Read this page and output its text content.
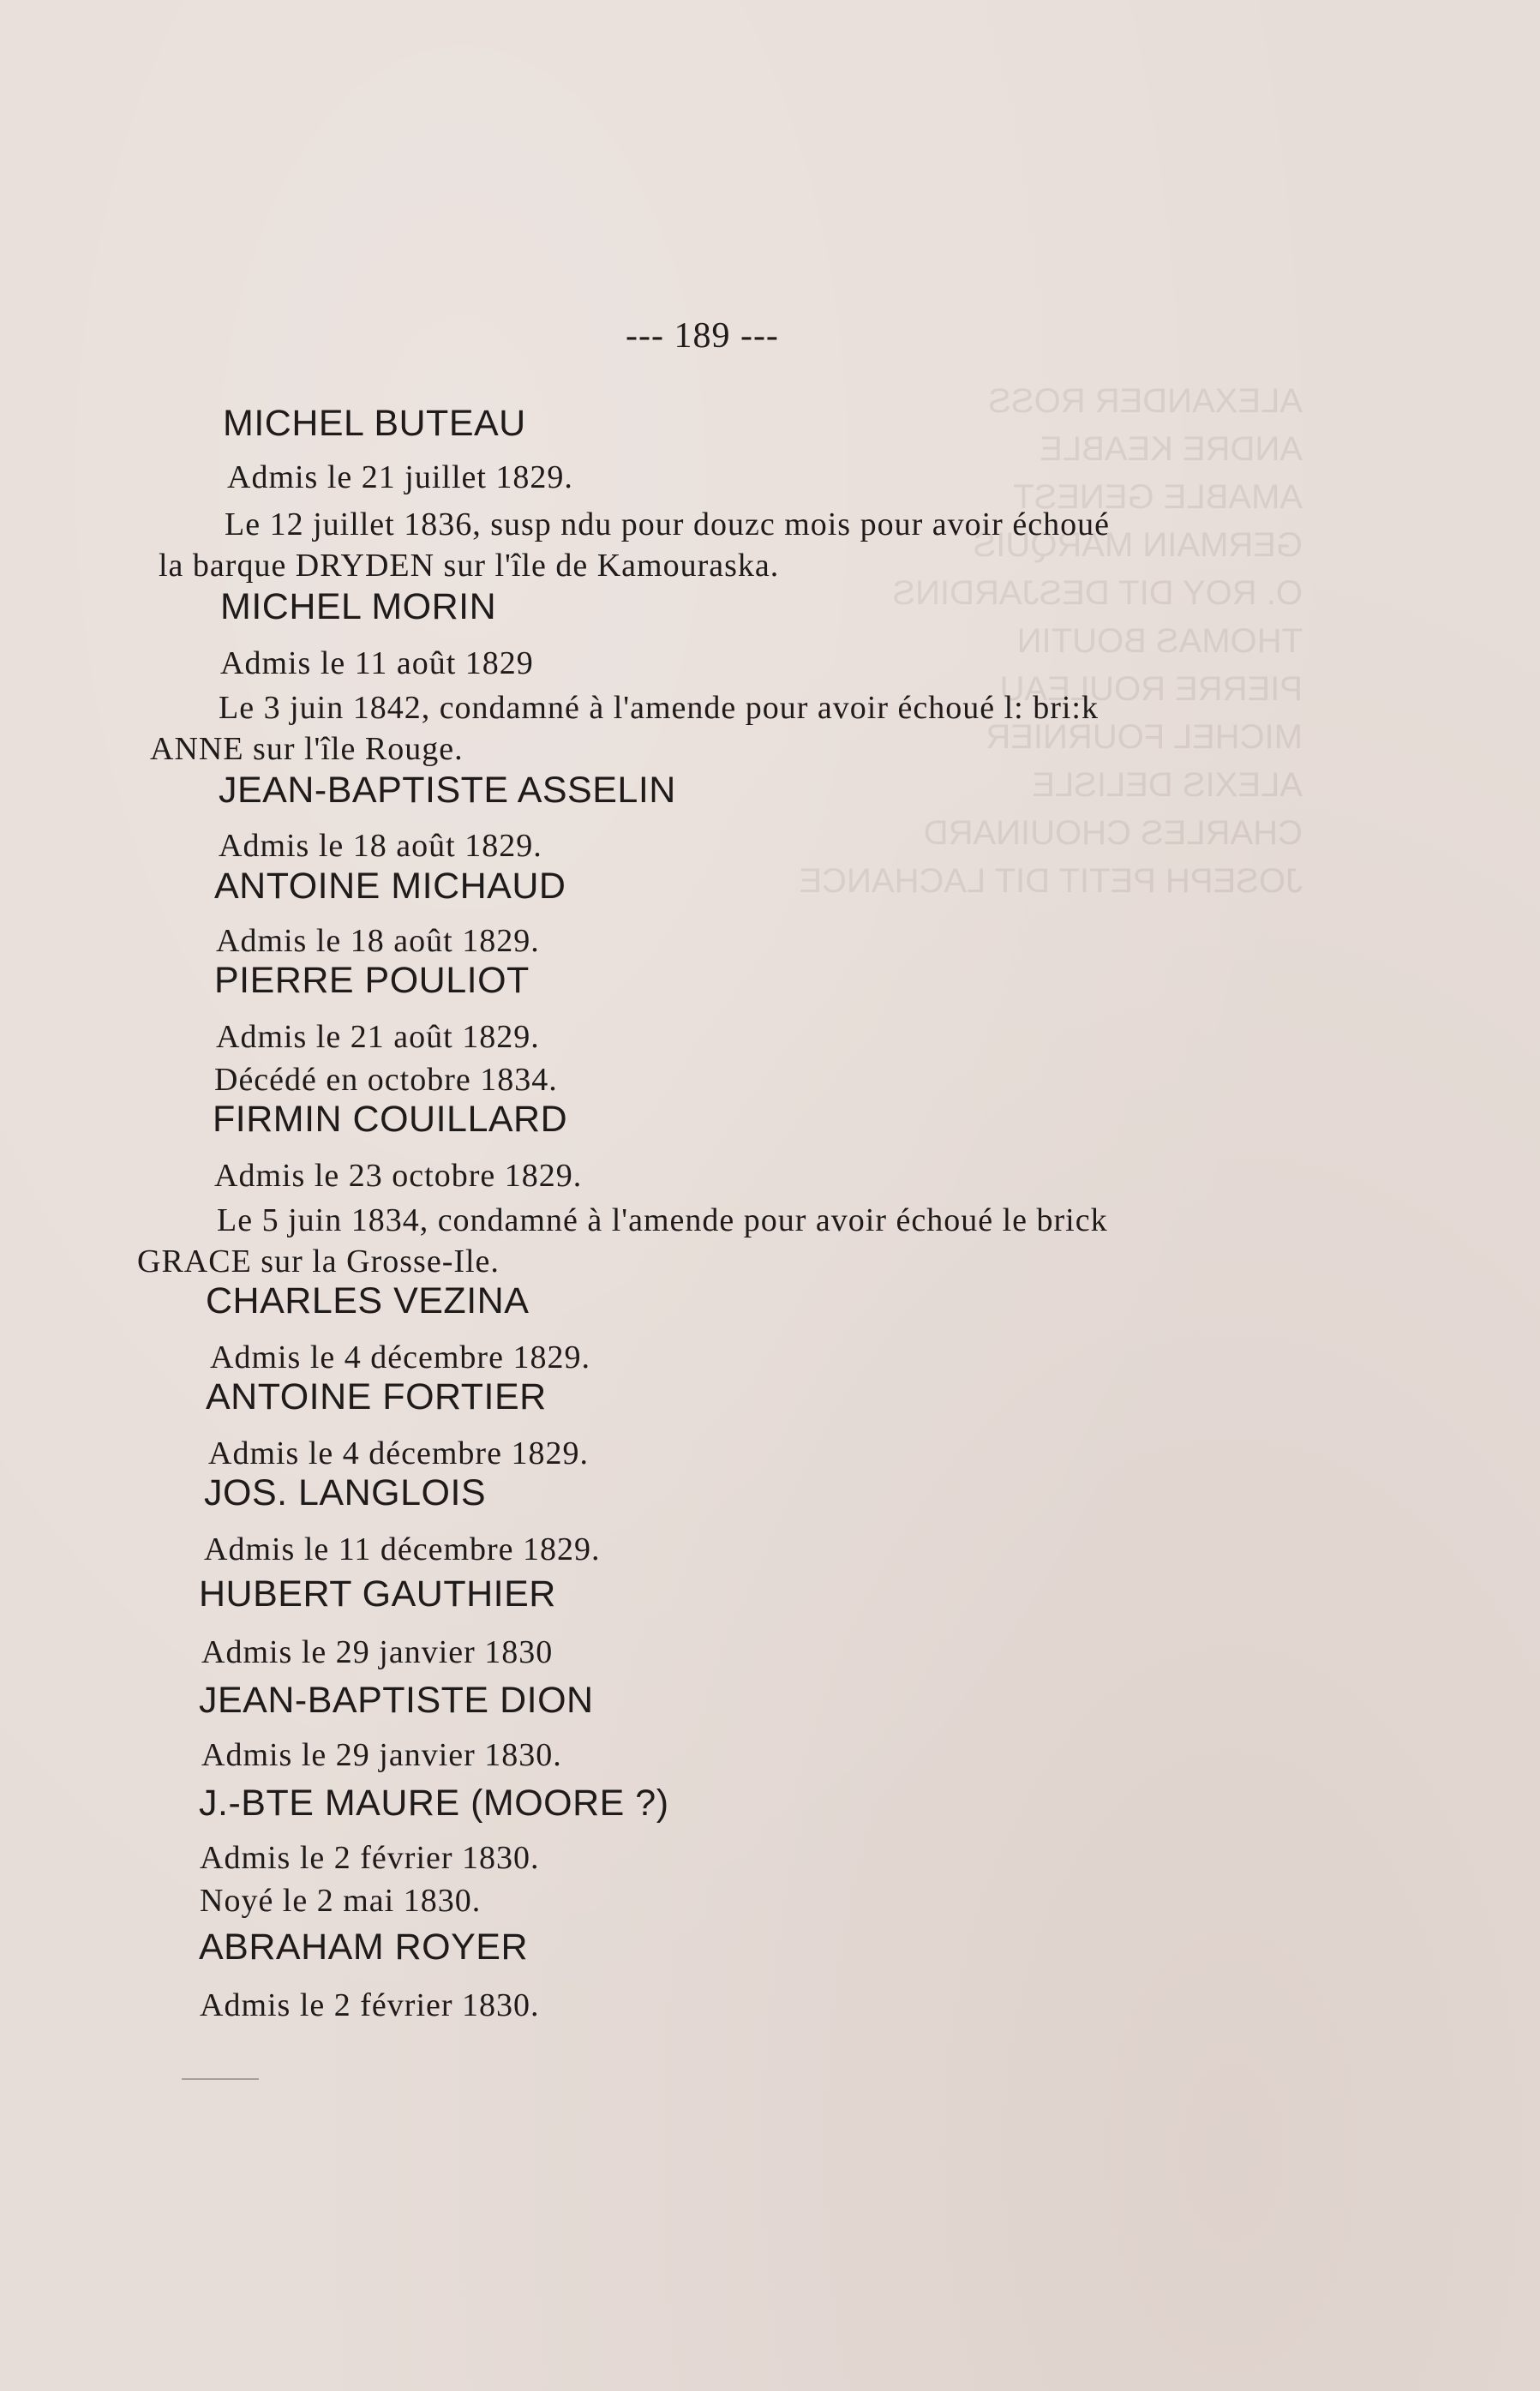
ALEXANDER ROSS
ANDRE KEABLE
AMABLE GENEST
GERMAIN MARQUIS
O. ROY DIT DESJARDINS
THOMAS BOUTIN
PIERRE ROULEAU
MICHEL FOURNIER
ALEXIS DELISLE
CHARLES CHOUINARD
JOSEPH PETIT DIT LACHANCE
--- 189 ---
MICHEL BUTEAU
Admis le 21 juillet 1829.
Le 12 juillet 1836, susp ndu pour douzc mois pour avoir échoué
la barque DRYDEN sur l'île de Kamouraska.
MICHEL MORIN
Admis le 11 août 1829
Le 3 juin 1842, condamné à l'amende pour avoir échoué l: bri:k
ANNE sur l'île Rouge.
JEAN-BAPTISTE ASSELIN
Admis le 18 août 1829.
ANTOINE MICHAUD
Admis le 18 août 1829.
PIERRE POULIOT
Admis le 21 août 1829.
Décédé en octobre 1834.
FIRMIN COUILLARD
Admis le 23 octobre 1829.
Le 5 juin 1834, condamné à l'amende pour avoir échoué le brick
GRACE sur la Grosse-Ile.
CHARLES VEZINA
Admis le 4 décembre 1829.
ANTOINE FORTIER
Admis le 4 décembre 1829.
JOS. LANGLOIS
Admis le 11 décembre 1829.
HUBERT GAUTHIER
Admis le 29 janvier 1830
JEAN-BAPTISTE DION
Admis le 29 janvier 1830.
J.-BTE MAURE (MOORE ?)
Admis le 2 février 1830.
Noyé le 2 mai 1830.
ABRAHAM ROYER
Admis le 2 février 1830.
